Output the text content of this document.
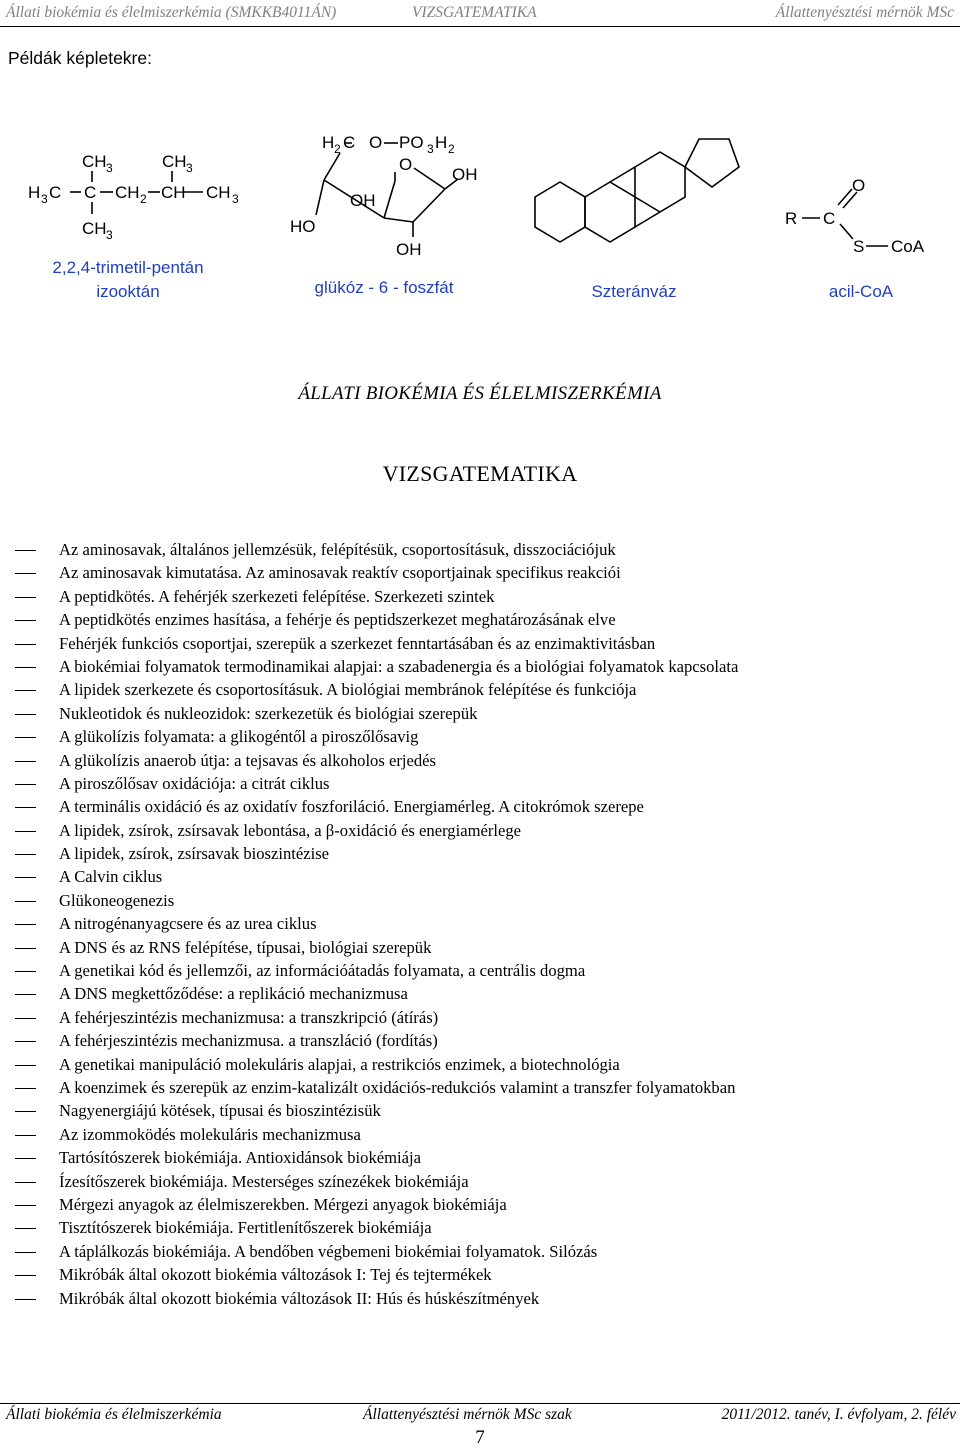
Állati biokémia és élelmiszerkémia (SMKKB4011ÁN)	VIZSGATEMATIKA	Állattenyésztési mérnök MSc
Példák képletekre:
CH 3	CH 3
H 3 C C CH 2 CH CH 3
CH 3
H 2 C O PO 3 H 2
O
OH
OH
HO
OH
O
R C
S CoA
2,2,4-trimetil-pentán
izooktán	glükóz - 6 - foszfát	Szteránváz	acil-CoA
ÁLLATI BIOKÉMIA ÉS ÉLELMISZERKÉMIA
VIZSGATEMATIKA
Az aminosavak, általános jellemzésük, felépítésük, csoportosításuk, disszociációjuk
Az aminosavak kimutatása. Az aminosavak reaktív csoportjainak specifikus reakciói
A peptidkötés. A fehérjék szerkezeti felépítése. Szerkezeti szintek
A peptidkötés enzimes hasítása, a fehérje és peptidszerkezet meghatározásának elve
Fehérjék funkciós csoportjai, szerepük a szerkezet fenntartásában és az enzimaktivitásban
A biokémiai folyamatok termodinamikai alapjai: a szabadenergia és a biológiai folyamatok kapcsolata
A lipidek szerkezete és csoportosításuk. A biológiai membránok felépítése és funkciója
Nukleotidok és nukleozidok: szerkezetük és biológiai szerepük
A glükolízis folyamata: a glikogéntől a piroszőlősavig
A glükolízis anaerob útja: a tejsavas és alkoholos erjedés
A piroszőlősav oxidációja: a citrát ciklus
A terminális oxidáció és az oxidatív foszforiláció. Energiamérleg. A citokrómok szerepe
A lipidek, zsírok, zsírsavak lebontása, a β-oxidáció és energiamérlege
A lipidek, zsírok, zsírsavak bioszintézise
A Calvin ciklus
Glükoneogenezis
A nitrogénanyagcsere és az urea ciklus
A DNS és az RNS felépítése, típusai, biológiai szerepük
A genetikai kód és jellemzői, az információátadás folyamata, a centrális dogma
A DNS megkettőződése: a replikáció mechanizmusa
A fehérjeszintézis mechanizmusa: a transzkripció (átírás)
A fehérjeszintézis mechanizmusa. a transzláció (fordítás)
A genetikai manipuláció molekuláris alapjai, a restrikciós enzimek, a biotechnológia
A koenzimek és szerepük az enzim-katalizált oxidációs-redukciós valamint a transzfer folyamatokban
Nagyenergiájú kötések, típusai és bioszintézisük
Az izommoködés molekuláris mechanizmusa
Tartósítószerek biokémiája. Antioxidánsok biokémiája
Ízesítőszerek biokémiája. Mesterséges színezékek biokémiája
Mérgezi anyagok az élelmiszerekben. Mérgezi anyagok biokémiája
Tisztítószerek biokémiája. Fertitlenítőszerek biokémiája
A táplálkozás biokémiája. A bendőben végbemeni biokémiai folyamatok. Silózás
Mikróbák által okozott biokémia változások I: Tej és tejtermékek
Mikróbák által okozott biokémia változások II: Hús és húskészítmények
Állati biokémia és élelmiszerkémia	Állattenyésztési mérnök MSc szak	2011/2012. tanév, I. évfolyam, 2. félév
7
